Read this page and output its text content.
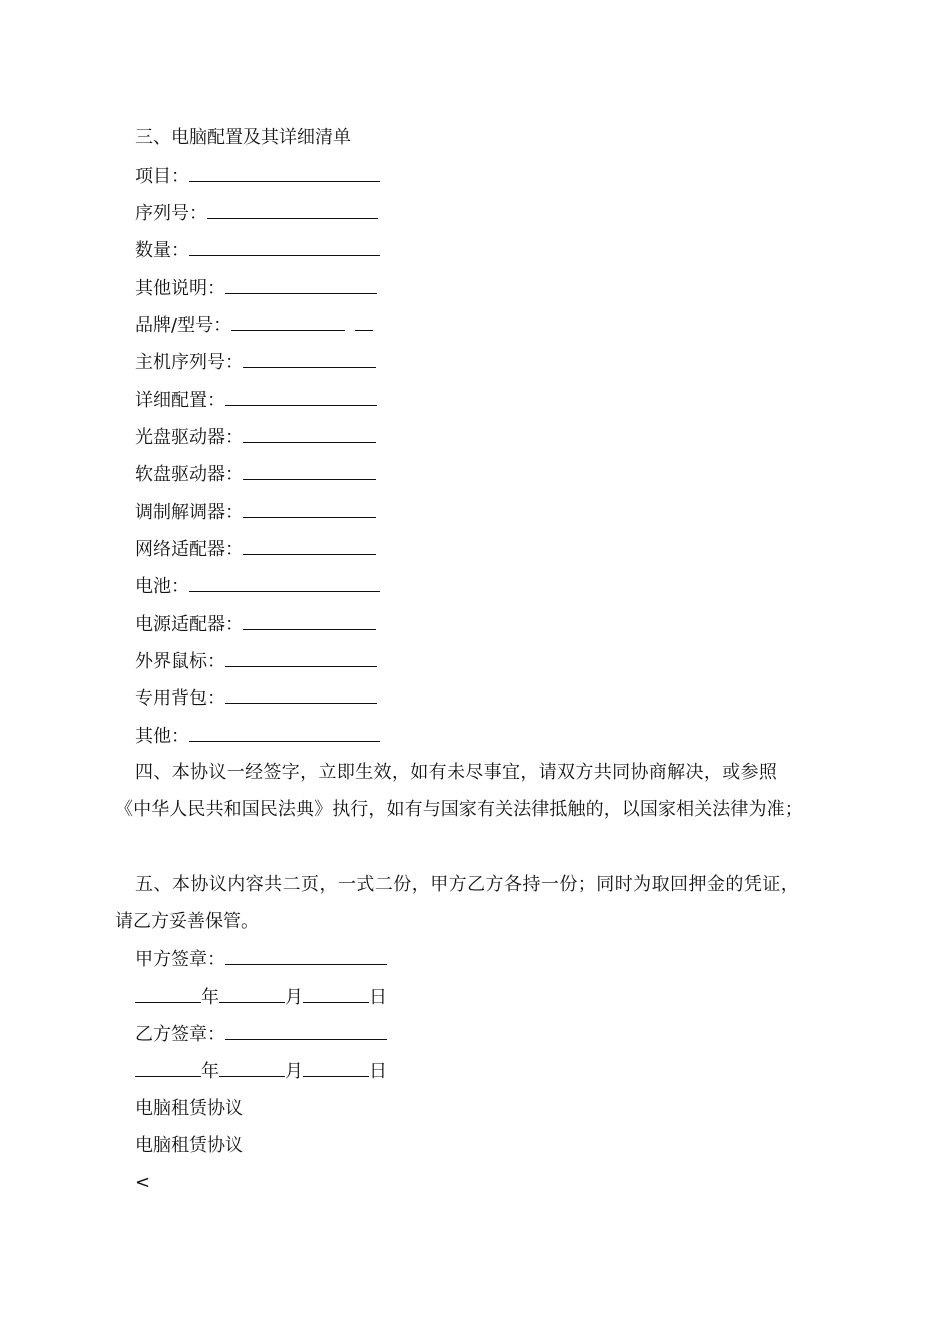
三、电脑配置及其详细清单
项目：
序列号：
数量：
其他说明：
品牌/型号：
主机序列号：
详细配置：
光盘驱动器：
软盘驱动器：
调制解调器：
网络适配器：
电池：
电源适配器：
外界鼠标：
专用背包：
其他：
四、本协议一经签字，立即生效，如有未尽事宜，请双方共同协商解决，或参照
《中华人民共和国民法典》执行，如有与国家有关法律抵触的，以国家相关法律为准；
五、本协议内容共二页，一式二份，甲方乙方各持一份；同时为取回押金的凭证，
请乙方妥善保管。
甲方签章：
年	月	日
乙方签章：
年	月	日
电脑租赁协议
电脑租赁协议
<
